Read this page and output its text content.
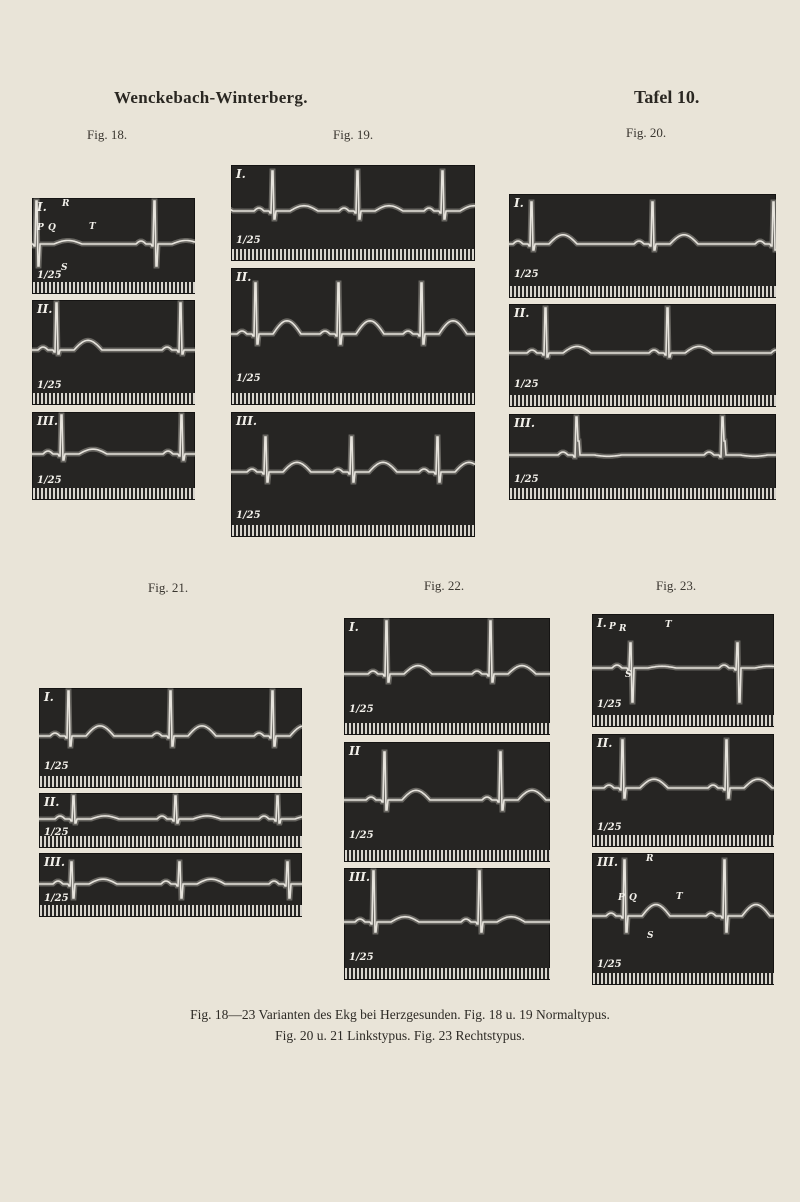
Wenckebach-Winterberg.	Tafel 10.
Fig. 18.	Fig. 19.	Fig. 20.
Fig. 21.	Fig. 22.	Fig. 23.
I. R
P Q	T
S
1/25
II.
1/25
III.
1/25
I.
1/25
II.
1/25
III.
1/25
I.
1/25
II.
1/25
III.
1/25
I.
1/25
II.
1/25
III.
1/25
I.
1/25
II
1/25
III.
1/25
I. P R	T
S
1/25
II.
1/25
III.	R
P Q	T
S
1/25
Fig. 18—23 Varianten des Ekg bei Herzgesunden. Fig. 18 u. 19 Normaltypus.
Fig. 20 u. 21 Linkstypus. Fig. 23 Rechtstypus.
